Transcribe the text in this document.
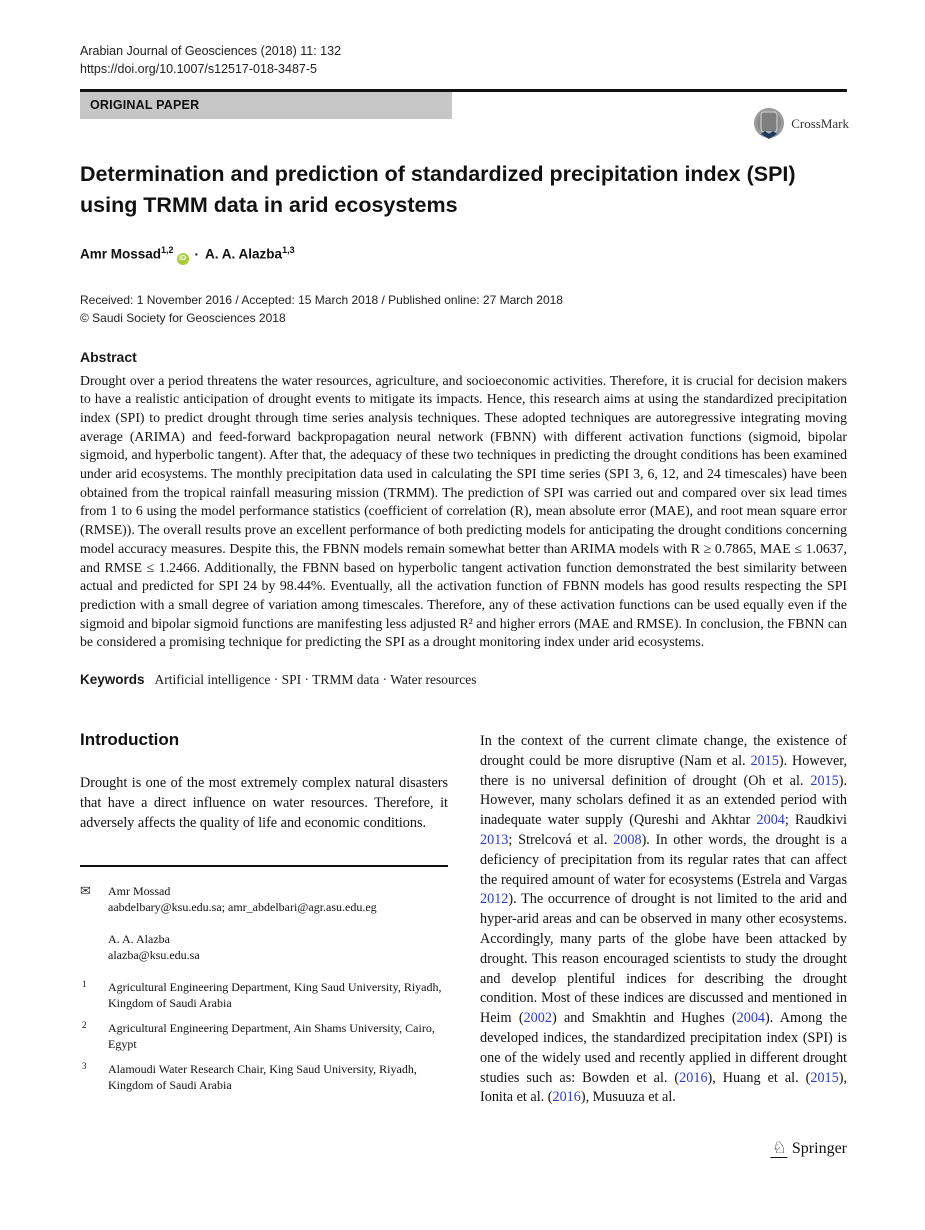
Arabian Journal of Geosciences (2018) 11: 132
https://doi.org/10.1007/s12517-018-3487-5
ORIGINAL PAPER
CrossMark
Determination and prediction of standardized precipitation index (SPI) using TRMM data in arid ecosystems
Amr Mossad$^{1,2}$iD · A. A. Alazba$^{1,3}$
Received: 1 November 2016 / Accepted: 15 March 2018 / Published online: 27 March 2018
© Saudi Society for Geosciences 2018
Abstract
Drought over a period threatens the water resources, agriculture, and socioeconomic activities. Therefore, it is crucial for decision makers to have a realistic anticipation of drought events to mitigate its impacts. Hence, this research aims at using the standardized precipitation index (SPI) to predict drought through time series analysis techniques. These adopted techniques are autoregressive integrating moving average (ARIMA) and feed-forward backpropagation neural network (FBNN) with different activation functions (sigmoid, bipolar sigmoid, and hyperbolic tangent). After that, the adequacy of these two techniques in predicting the drought conditions has been examined under arid ecosystems. The monthly precipitation data used in calculating the SPI time series (SPI 3, 6, 12, and 24 timescales) have been obtained from the tropical rainfall measuring mission (TRMM). The prediction of SPI was carried out and compared over six lead times from 1 to 6 using the model performance statistics (coefficient of correlation (R), mean absolute error (MAE), and root mean square error (RMSE)). The overall results prove an excellent performance of both predicting models for anticipating the drought conditions concerning model accuracy measures. Despite this, the FBNN models remain somewhat better than ARIMA models with R ≥ 0.7865, MAE ≤ 1.0637, and RMSE ≤ 1.2466. Additionally, the FBNN based on hyperbolic tangent activation function demonstrated the best similarity between actual and predicted for SPI 24 by 98.44%. Eventually, all the activation function of FBNN models has good results respecting the SPI prediction with a small degree of variation among timescales. Therefore, any of these activation functions can be used equally even if the sigmoid and bipolar sigmoid functions are manifesting less adjusted R² and higher errors (MAE and RMSE). In conclusion, the FBNN can be considered a promising technique for predicting the SPI as a drought monitoring index under arid ecosystems.
Keywords Artificial intelligence · SPI · TRMM data · Water resources
Introduction
Drought is one of the most extremely complex natural disasters that have a direct influence on water resources. Therefore, it adversely affects the quality of life and economic conditions.
✉	Amr Mossad
aabdelbary@ksu.edu.sa; amr_abdelbari@agr.asu.edu.eg
A. A. Alazba
alazba@ksu.edu.sa
1	Agricultural Engineering Department, King Saud University, Riyadh, Kingdom of Saudi Arabia
2	Agricultural Engineering Department, Ain Shams University, Cairo, Egypt
3	Alamoudi Water Research Chair, King Saud University, Riyadh, Kingdom of Saudi Arabia
In the context of the current climate change, the existence of drought could be more disruptive (Nam et al. 2015). However, there is no universal definition of drought (Oh et al. 2015). However, many scholars defined it as an extended period with inadequate water supply (Qureshi and Akhtar 2004; Raudkivi 2013; Strelcová et al. 2008). In other words, the drought is a deficiency of precipitation from its regular rates that can affect the required amount of water for ecosystems (Estrela and Vargas 2012). The occurrence of drought is not limited to the arid and hyper-arid areas and can be observed in many other ecosystems. Accordingly, many parts of the globe have been attacked by drought. This reason encouraged scientists to study the drought and develop plentiful indices for describing the drought condition. Most of these indices are discussed and mentioned in Heim (2002) and Smakhtin and Hughes (2004). Among the developed indices, the standardized precipitation index (SPI) is one of the widely used and recently applied in different drought studies such as: Bowden et al. (2016), Huang et al. (2015), Ionita et al. (2016), Musuuza et al.
♘ Springer
